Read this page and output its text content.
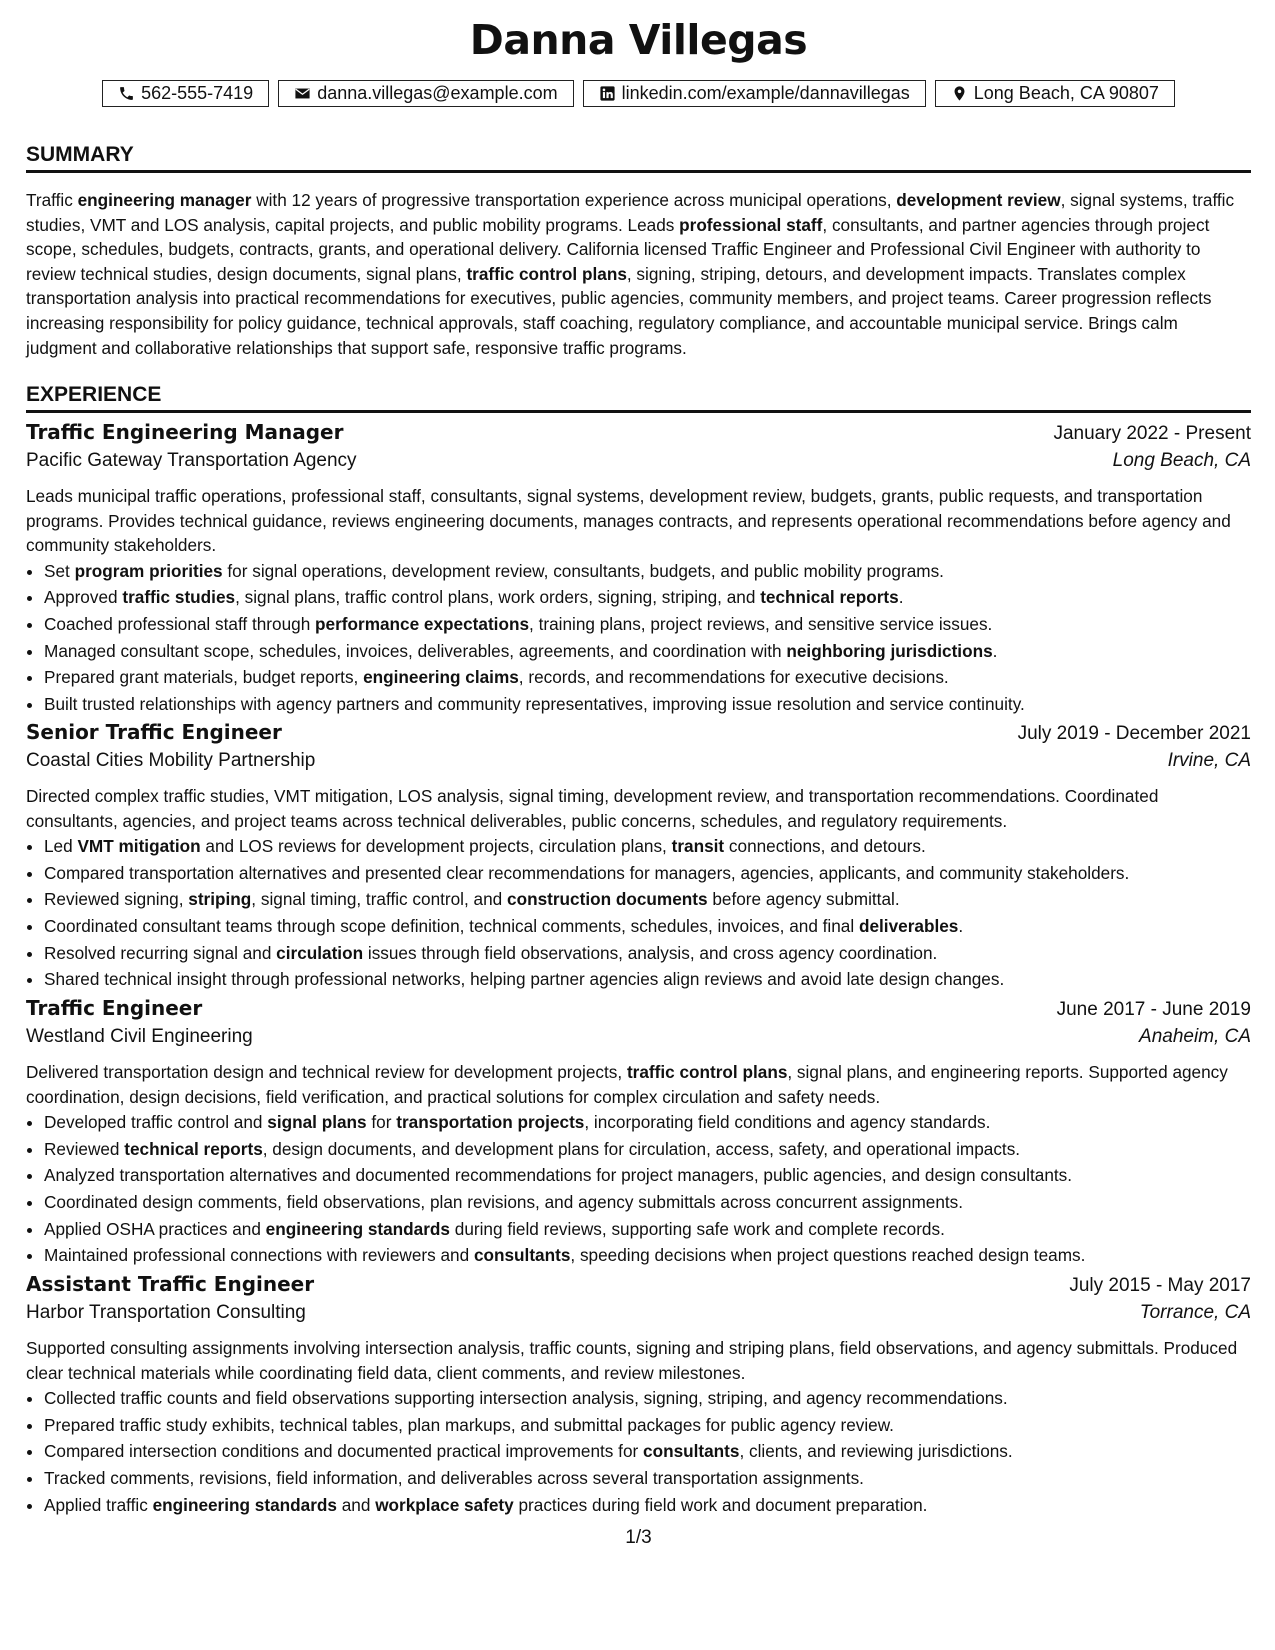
Danna Villegas
562-555-7419	danna.villegas@example.com	linkedin.com/example/dannavillegas	Long Beach, CA 90807
SUMMARY
Traffic engineering manager with 12 years of progressive transportation experience across municipal operations, development review, signal systems, traffic studies, VMT and LOS analysis, capital projects, and public mobility programs. Leads professional staff, consultants, and partner agencies through project scope, schedules, budgets, contracts, grants, and operational delivery. California licensed Traffic Engineer and Professional Civil Engineer with authority to review technical studies, design documents, signal plans, traffic control plans, signing, striping, detours, and development impacts. Translates complex transportation analysis into practical recommendations for executives, public agencies, community members, and project teams. Career progression reflects increasing responsibility for policy guidance, technical approvals, staff coaching, regulatory compliance, and accountable municipal service. Brings calm judgment and collaborative relationships that support safe, responsive traffic programs.
EXPERIENCE
Traffic Engineering Manager	January 2022 - Present
Pacific Gateway Transportation Agency	Long Beach, CA
Leads municipal traffic operations, professional staff, consultants, signal systems, development review, budgets, grants, public requests, and transportation programs. Provides technical guidance, reviews engineering documents, manages contracts, and represents operational recommendations before agency and community stakeholders.
• Set program priorities for signal operations, development review, consultants, budgets, and public mobility programs.
• Approved traffic studies, signal plans, traffic control plans, work orders, signing, striping, and technical reports.
• Coached professional staff through performance expectations, training plans, project reviews, and sensitive service issues.
• Managed consultant scope, schedules, invoices, deliverables, agreements, and coordination with neighboring jurisdictions.
• Prepared grant materials, budget reports, engineering claims, records, and recommendations for executive decisions.
• Built trusted relationships with agency partners and community representatives, improving issue resolution and service continuity.
Senior Traffic Engineer	July 2019 - December 2021
Coastal Cities Mobility Partnership	Irvine, CA
Directed complex traffic studies, VMT mitigation, LOS analysis, signal timing, development review, and transportation recommendations. Coordinated consultants, agencies, and project teams across technical deliverables, public concerns, schedules, and regulatory requirements.
• Led VMT mitigation and LOS reviews for development projects, circulation plans, transit connections, and detours.
• Compared transportation alternatives and presented clear recommendations for managers, agencies, applicants, and community stakeholders.
• Reviewed signing, striping, signal timing, traffic control, and construction documents before agency submittal.
• Coordinated consultant teams through scope definition, technical comments, schedules, invoices, and final deliverables.
• Resolved recurring signal and circulation issues through field observations, analysis, and cross agency coordination.
• Shared technical insight through professional networks, helping partner agencies align reviews and avoid late design changes.
Traffic Engineer	June 2017 - June 2019
Westland Civil Engineering	Anaheim, CA
Delivered transportation design and technical review for development projects, traffic control plans, signal plans, and engineering reports. Supported agency coordination, design decisions, field verification, and practical solutions for complex circulation and safety needs.
• Developed traffic control and signal plans for transportation projects, incorporating field conditions and agency standards.
• Reviewed technical reports, design documents, and development plans for circulation, access, safety, and operational impacts.
• Analyzed transportation alternatives and documented recommendations for project managers, public agencies, and design consultants.
• Coordinated design comments, field observations, plan revisions, and agency submittals across concurrent assignments.
• Applied OSHA practices and engineering standards during field reviews, supporting safe work and complete records.
• Maintained professional connections with reviewers and consultants, speeding decisions when project questions reached design teams.
Assistant Traffic Engineer	July 2015 - May 2017
Harbor Transportation Consulting	Torrance, CA
Supported consulting assignments involving intersection analysis, traffic counts, signing and striping plans, field observations, and agency submittals. Produced clear technical materials while coordinating field data, client comments, and review milestones.
• Collected traffic counts and field observations supporting intersection analysis, signing, striping, and agency recommendations.
• Prepared traffic study exhibits, technical tables, plan markups, and submittal packages for public agency review.
• Compared intersection conditions and documented practical improvements for consultants, clients, and reviewing jurisdictions.
• Tracked comments, revisions, field information, and deliverables across several transportation assignments.
• Applied traffic engineering standards and workplace safety practices during field work and document preparation.
1/3
